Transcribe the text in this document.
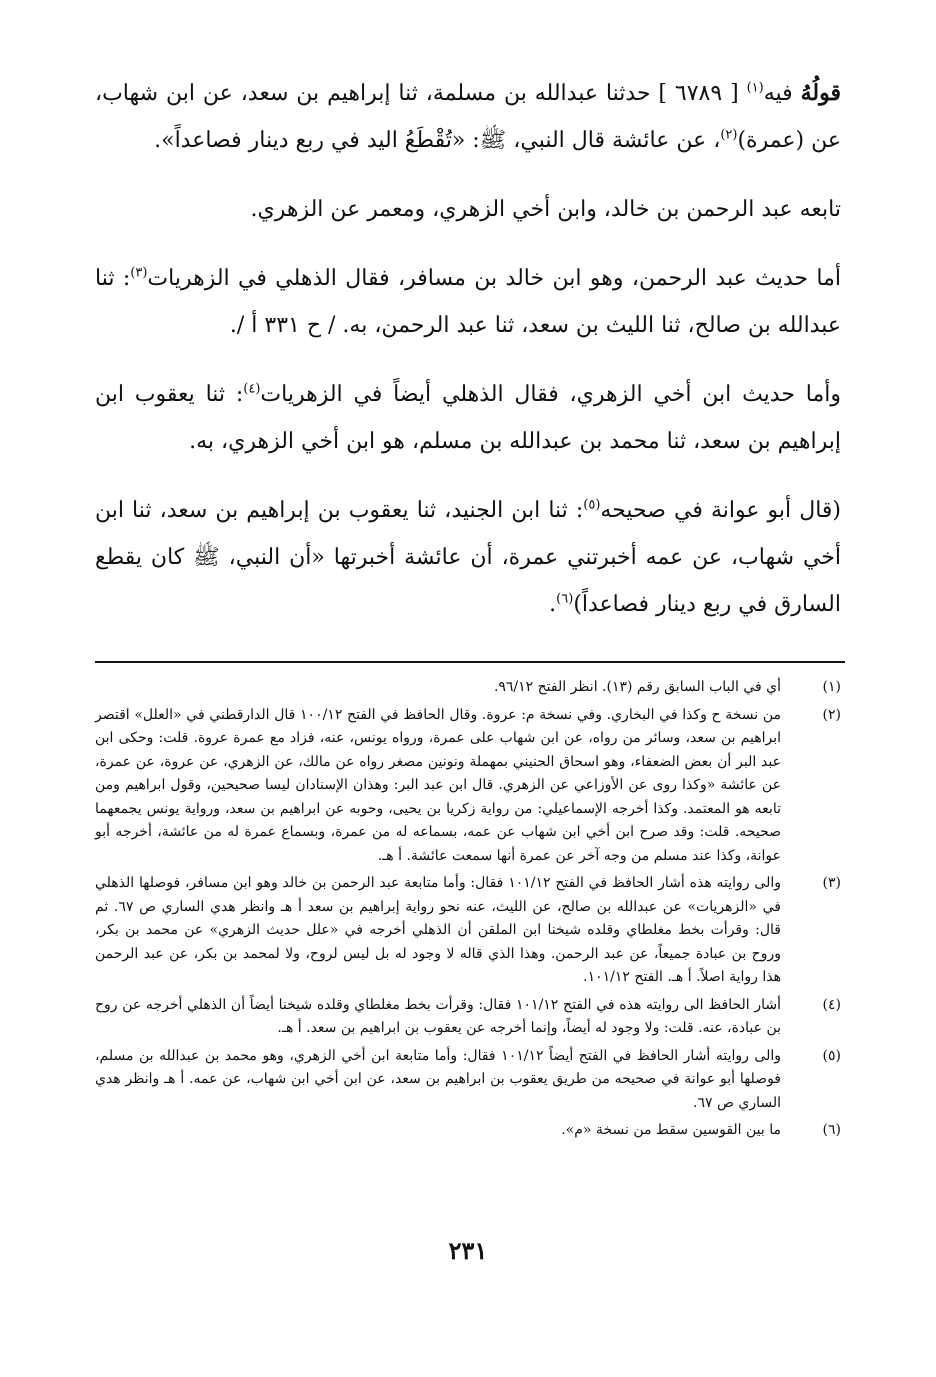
قولُهُ فيه$^{(١)}$ [ ٦٧٨٩ ] حدثنا عبدالله بن مسلمة، ثنا إبراهيم بن سعد، عن ابن شهاب، عن (عمرة)$^{(٢)}$، عن عائشة قال النبي، ﷺ: «تُقْطَعُ اليد في ربع دينار فصاعداً».

تابعه عبد الرحمن بن خالد، وابن أخي الزهري، ومعمر عن الزهري.

أما حديث عبد الرحمن، وهو ابن خالد بن مسافر، فقال الذهلي في الزهريات$^{(٣)}$: ثنا عبدالله بن صالح، ثنا الليث بن سعد، ثنا عبد الرحمن، به. / ح ٣٣١ أ /.

وأما حديث ابن أخي الزهري، فقال الذهلي أيضاً في الزهريات$^{(٤)}$: ثنا يعقوب ابن إبراهيم بن سعد، ثنا محمد بن عبدالله بن مسلم، هو ابن أخي الزهري، به.

(قال أبو عوانة في صحيحه$^{(٥)}$: ثنا ابن الجنيد، ثنا يعقوب بن إبراهيم بن سعد، ثنا ابن أخي شهاب، عن عمه أخبرتني عمرة، أن عائشة أخبرتها «أن النبي، ﷺ كان يقطع السارق في ربع دينار فصاعداً)$^{(٦)}$.

(١)
أي في الباب السابق رقم (١٣). انظر الفتح ٩٦/١٢.
(٢)
من نسخة ح وكذا في البخاري. وفي نسخة م: عروة. وقال الحافظ في الفتح ١٠٠/١٢ قال الدارقطني في «العلل» اقتصر ابراهيم بن سعد، وسائر من رواه، عن ابن شهاب على عمرة، ورواه يونس، عنه، فزاد مع عمرة عروة. قلت: وحكى ابن عبد البر أن بعض الضعفاء، وهو اسحاق الحنيني بمهملة ونونين مصغر رواه عن مالك، عن الزهري، عن عروة، عن عمرة، عن عائشة «وكذا روى عن الأوزاعي عن الزهري. قال ابن عبد البر: وهذان الإسنادان ليسا صحيحين، وقول ابراهيم ومن تابعه هو المعتمد. وكذا أخرجه الإسماعيلي: من رواية زكريا بن يحيى، وحوبه عن ابراهيم بن سعد، ورواية يونس يجمعهما صحيحه. قلت: وقد صرح ابن أخي ابن شهاب عن عمه، بسماعه له من عمرة، وبسماع عمرة له من عائشة، أخرجه أبو عوانة، وكذا عند مسلم من وجه آخر عن عمرة أنها سمعت عائشة. أ هـ.
(٣)
والى روايته هذه أشار الحافظ في الفتح ١٠١/١٢ فقال: وأما متابعة عبد الرحمن بن خالد وهو ابن مسافر، فوصلها الذهلي في «الزهريات» عن عبدالله بن صالح، عن الليث، عنه نحو رواية إبراهيم بن سعد أ هـ وانظر هدي الساري ص ٦٧. ثم قال: وقرأت بخط مغلطاي وقلده شيخنا ابن الملقن أن الذهلي أخرجه في «علل حديث الزهري» عن محمد بن بكر، وروح بن عبادة جميعاً، عن عبد الرحمن. وهذا الذي قاله لا وجود له بل ليس لروح، ولا لمحمد بن بكر، عن عبد الرحمن هذا رواية اصلاً. أ هـ. الفتح ١٠١/١٢.
(٤)
أشار الحافظ الى روايته هذه في الفتح ١٠١/١٢ فقال: وقرأت بخط مغلطاي وقلده شيخنا أيضاً أن الذهلي أخرجه عن روح بن عبادة، عنه. قلت: ولا وجود له أيضاً، وإنما أخرجه عن يعقوب بن ابراهيم بن سعد. أ هـ.
(٥)
والى روايته أشار الحافظ في الفتح أيضاً ١٠١/١٢ فقال: وأما متابعة ابن أخي الزهري، وهو محمد بن عبدالله بن مسلم، فوصلها أبو عوانة في صحيحه من طريق يعقوب بن ابراهيم بن سعد، عن ابن أخي ابن شهاب، عن عمه. أ هـ وانظر هدي الساري ص ٦٧.
(٦)
ما بين القوسين سقط من نسخة «م».
٢٣١
